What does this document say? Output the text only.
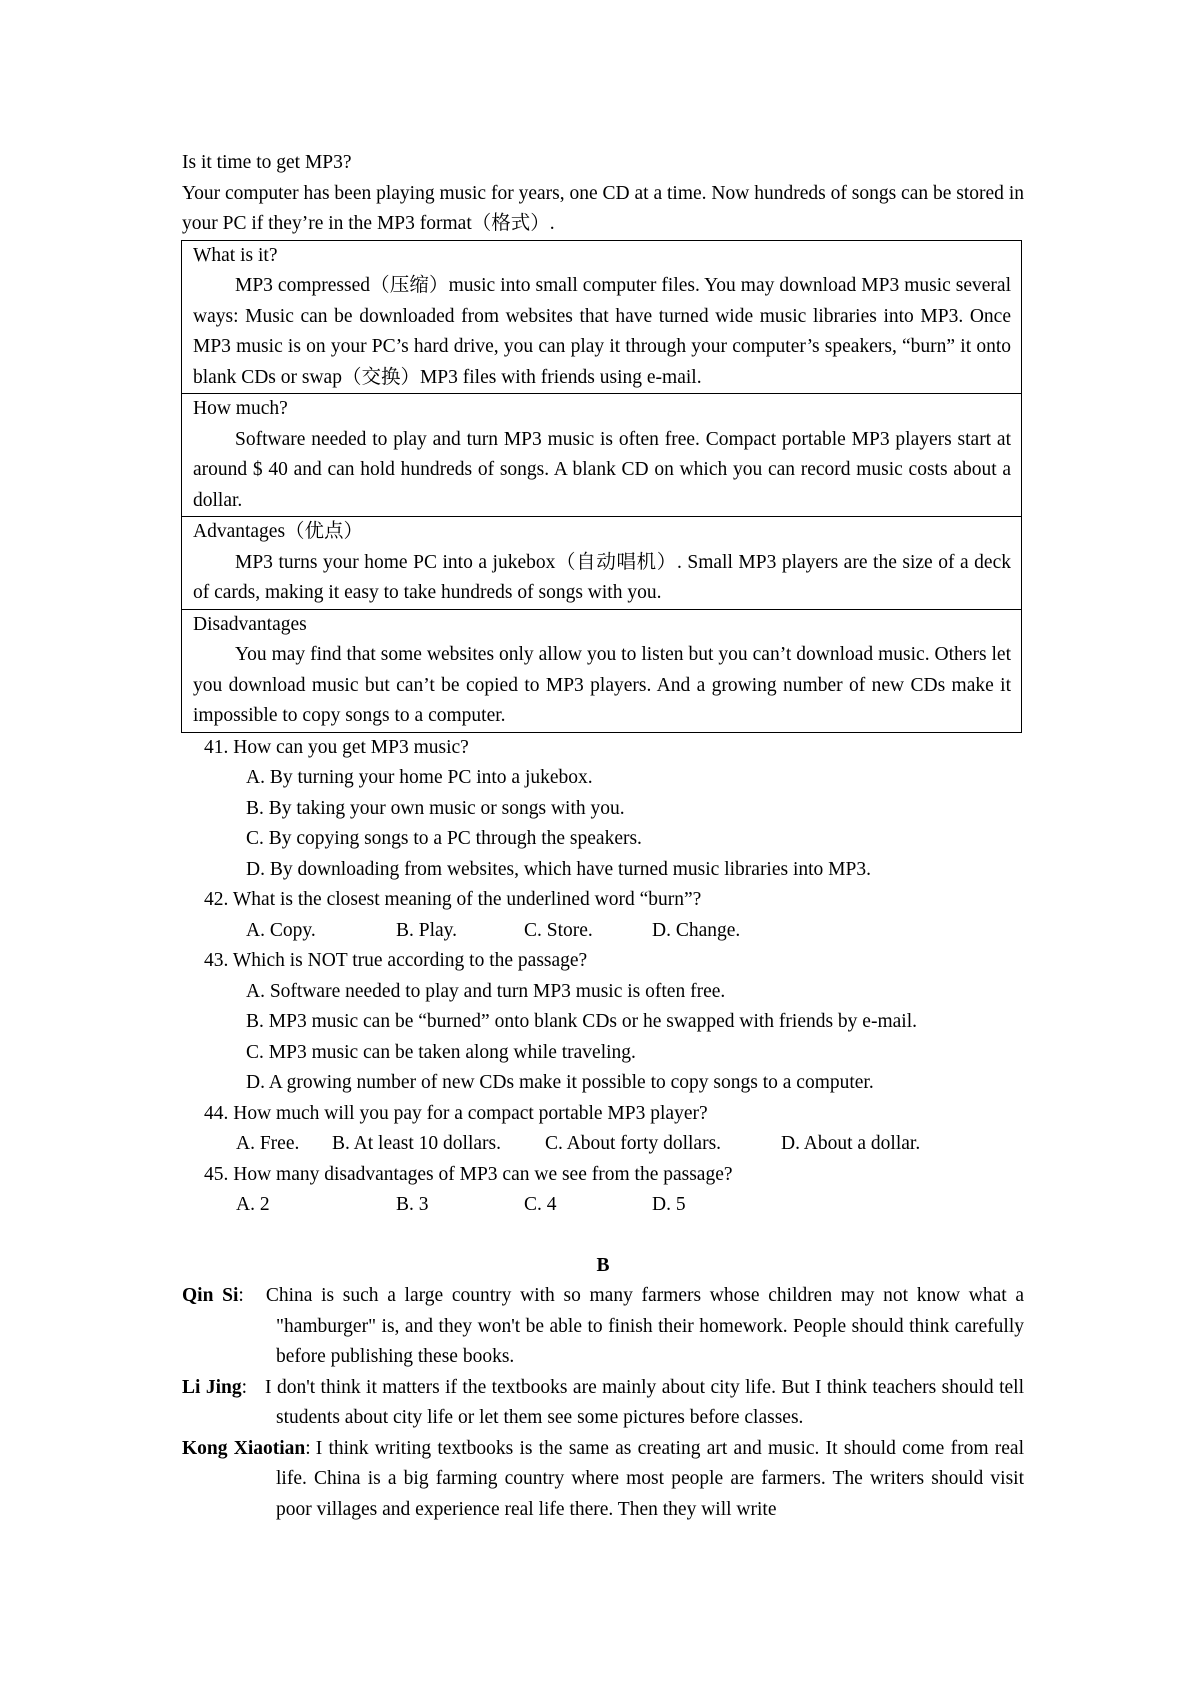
Is it time to get MP3?
Your computer has been playing music for years, one CD at a time. Now hundreds of songs can be stored in your PC if they’re in the MP3 format（格式）.
What is it?
MP3 compressed（压缩）music into small computer files. You may download MP3 music several ways: Music can be downloaded from websites that have turned wide music libraries into MP3. Once MP3 music is on your PC’s hard drive, you can play it through your computer’s speakers, “burn” it onto blank CDs or swap（交换）MP3 files with friends using e-mail.
How much?
Software needed to play and turn MP3 music is often free. Compact portable MP3 players start at around $ 40 and can hold hundreds of songs. A blank CD on which you can record music costs about a dollar.
Advantages（优点）
MP3 turns your home PC into a jukebox（自动唱机）. Small MP3 players are the size of a deck of cards, making it easy to take hundreds of songs with you.
Disadvantages
You may find that some websites only allow you to listen but you can’t download music. Others let you download music but can’t be copied to MP3 players. And a growing number of new CDs make it impossible to copy songs to a computer.
41. How can you get MP3 music?
A. By turning your home PC into a jukebox.
B. By taking your own music or songs with you.
C. By copying songs to a PC through the speakers.
D. By downloading from websites, which have turned music libraries into MP3.
42. What is the closest meaning of the underlined word “burn”?
A. Copy.	B. Play.	C. Store.	D. Change.
43. Which is NOT true according to the passage?
A. Software needed to play and turn MP3 music is often free.
B. MP3 music can be “burned” onto blank CDs or he swapped with friends by e-mail.
C. MP3 music can be taken along while traveling.
D. A growing number of new CDs make it possible to copy songs to a computer.
44. How much will you pay for a compact portable MP3 player?
A. Free.	B. At least 10 dollars.	C. About forty dollars.	D. About a dollar.
45. How many disadvantages of MP3 can we see from the passage?
A. 2	B. 3	C. 4	D. 5
B
Qin Si: China is such a large country with so many farmers whose children may not know what a "hamburger" is, and they won't be able to finish their homework. People should think carefully before publishing these books.
Li Jing: I don't think it matters if the textbooks are mainly about city life. But I think teachers should tell students about city life or let them see some pictures before classes.
Kong Xiaotian: I think writing textbooks is the same as creating art and music. It should come from real life. China is a big farming country where most people are farmers. The writers should visit poor villages and experience real life there. Then they will write
